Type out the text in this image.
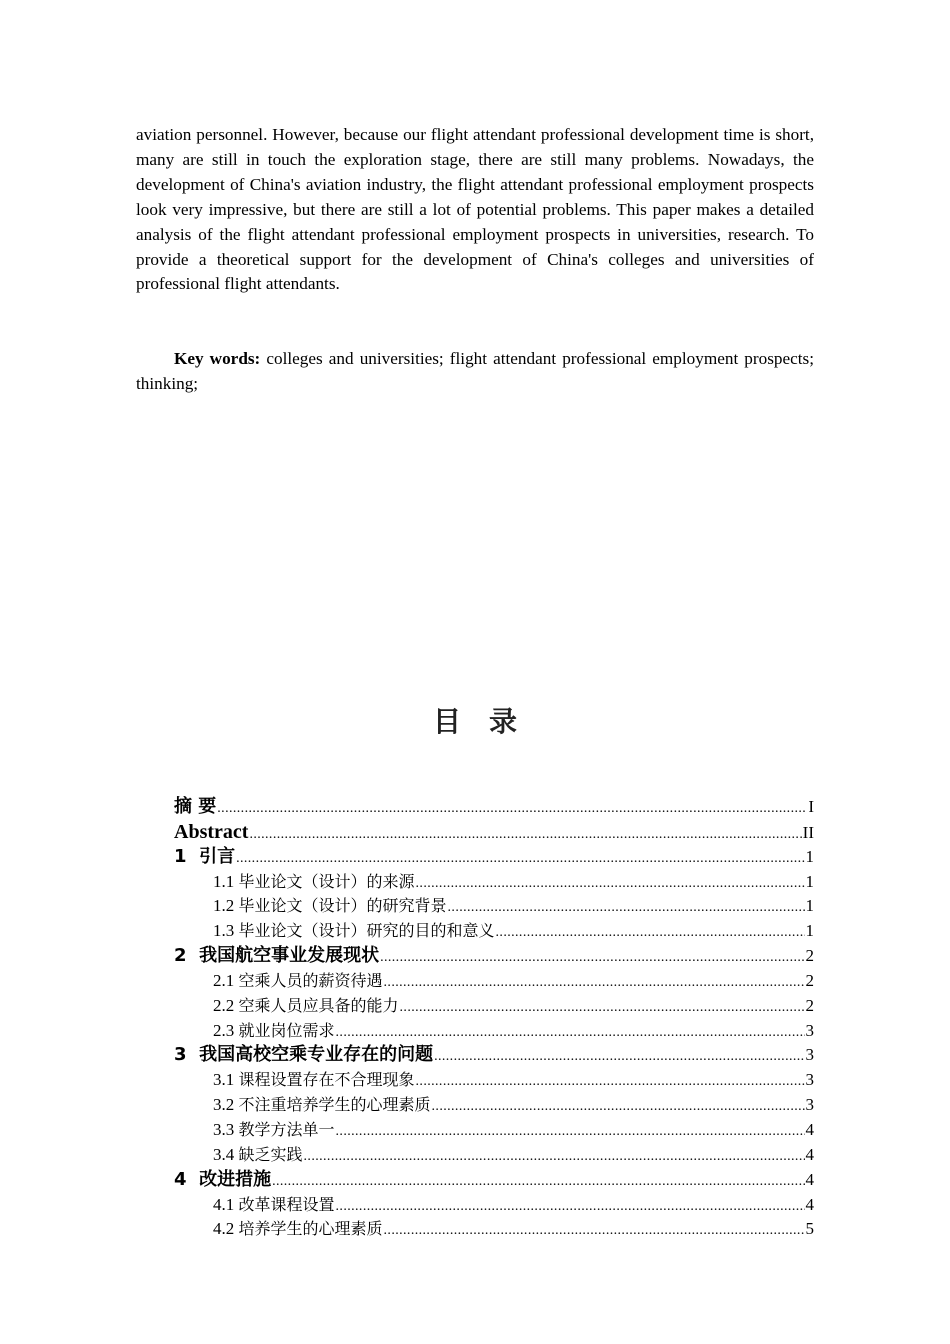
aviation personnel. However, because our flight attendant professional development time is short, many are still in touch the exploration stage, there are still many problems. Nowadays, the development of China's aviation industry, the flight attendant professional employment prospects look very impressive, but there are still a lot of potential problems. This paper makes a detailed analysis of the flight attendant professional employment prospects in universities, research. To provide a theoretical support for the development of China's colleges and universities of professional flight attendants.

Key words: colleges and universities; flight attendant professional employment prospects; thinking;
目录
摘 要 .....	I
Abstract .....	II
1 引言 .....	1
1.1 毕业论文（设计）的来源 .....	1
1.2 毕业论文（设计）的研究背景 .....	1
1.3 毕业论文（设计）研究的目的和意义 .....	1
2 我国航空事业发展现状 .....	2
2.1 空乘人员的薪资待遇 .....	2
2.2 空乘人员应具备的能力 .....	2
2.3 就业岗位需求 .....	3
3 我国高校空乘专业存在的问题 .....	3
3.1 课程设置存在不合理现象 .....	3
3.2 不注重培养学生的心理素质 .....	3
3.3 教学方法单一 .....	4
3.4 缺乏实践 .....	4
4 改进措施 .....	4
4.1 改革课程设置 .....	4
4.2 培养学生的心理素质 .....	5
